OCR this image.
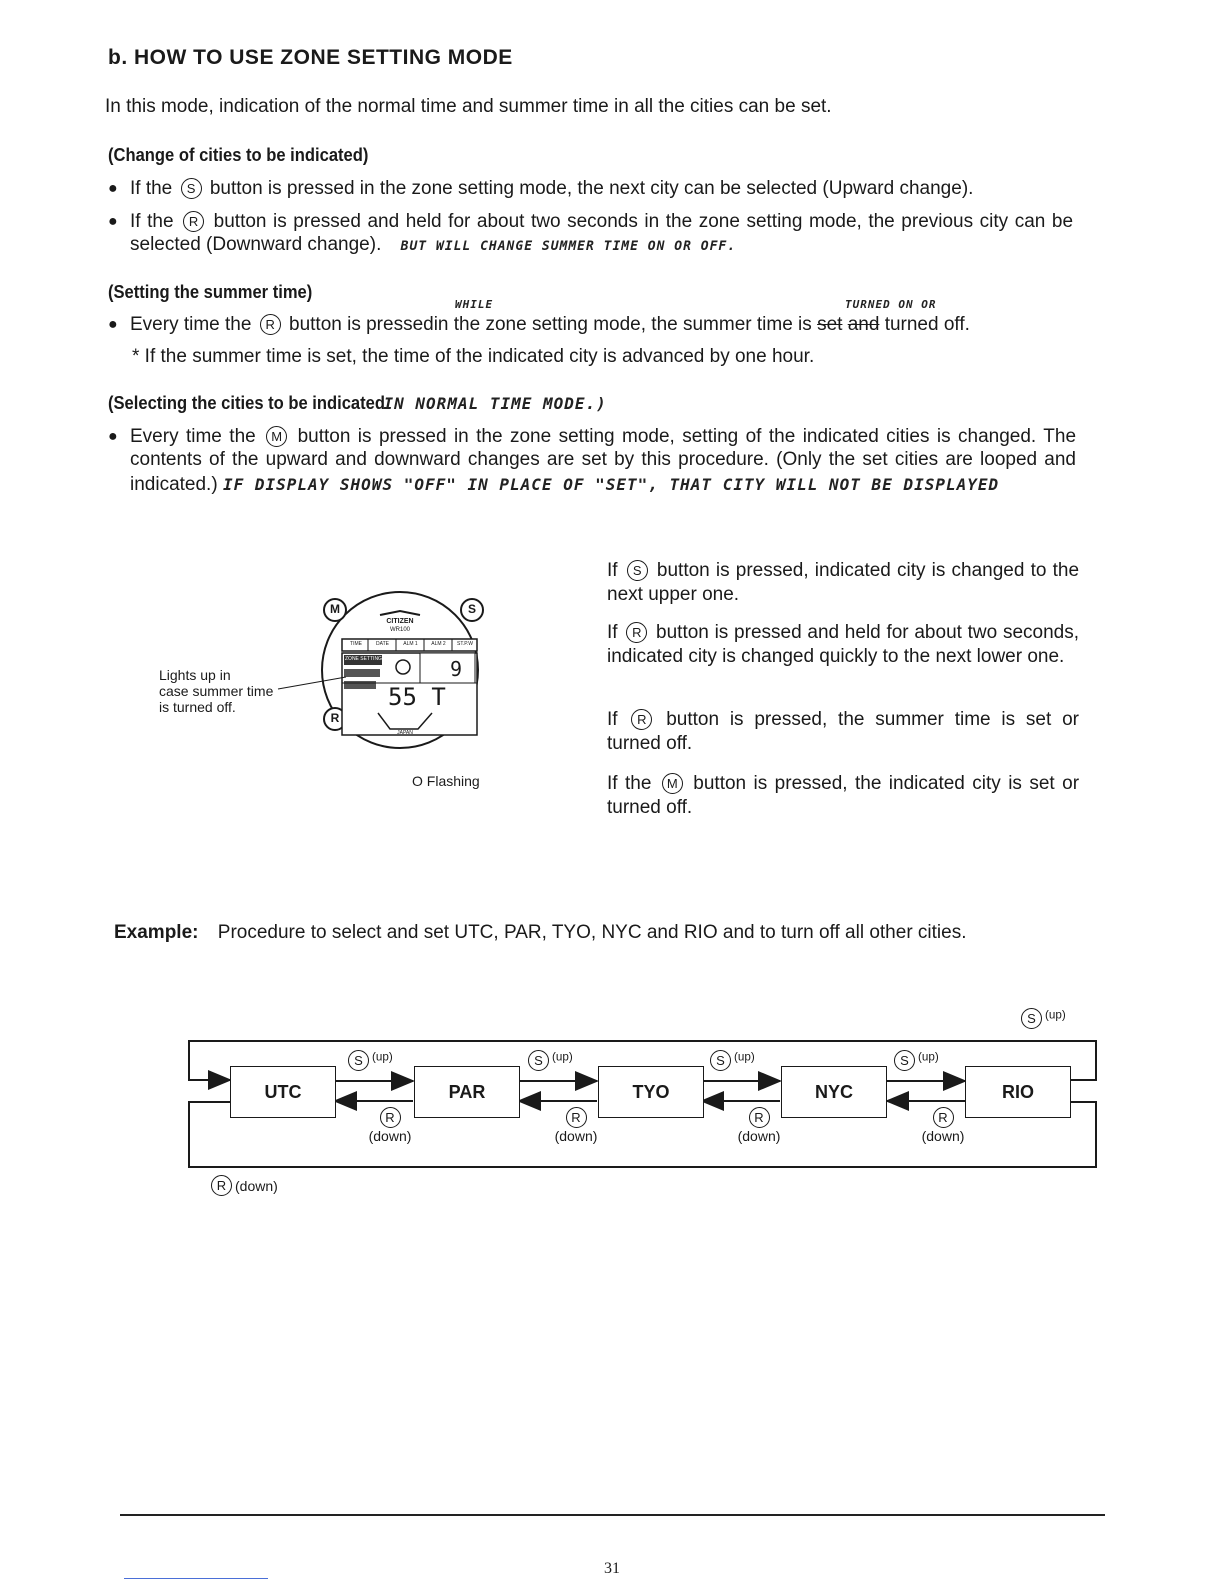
b. HOW TO USE ZONE SETTING MODE
In this mode, indication of the normal time and summer time in all the cities can be set.
(Change of cities to be indicated)
● If the S button is pressed in the zone setting mode, the next city can be selected (Upward change).
● If the R button is pressed and held for about two seconds in the zone setting mode, the previous city can be selected (Downward change). BUT WILL CHANGE SUMMER TIME ON OR OFF.
(Setting the summer time)
WHILE	TURNED ON OR
● Every time the R button is pressedin the zone setting mode, the summer time is set and turned off.
* If the summer time is set, the time of the indicated city is advanced by one hour.
(Selecting the cities to be indicated IN NORMAL TIME MODE.)
● Every time the M button is pressed in the zone setting mode, setting of the indicated cities is changed. The contents of the upward and downward changes are set by this procedure. (Only the set cities are looped and indicated.) IF DISPLAY SHOWS "OFF" IN PLACE OF "SET", THAT CITY WILL NOT BE DISPLAYED
M	S
R
CITIZEN
WR100
TIME	DATE	ALM 1	ALM 2	ST.P.W
ZONE SETTING	9
55 T
JAPAN
Lights up in
case summer time
is turned off.
O Flashing
If S button is pressed, indicated city is changed to the next upper one.
If R button is pressed and held for about two seconds, indicated city is changed quickly to the next lower one.
If R button is pressed, the summer time is set or turned off.
If the M button is pressed, the indicated city is set or turned off.
Example: Procedure to select and set UTC, PAR, TYO, NYC and RIO and to turn off all other cities.
UTC	PAR	TYO	NYC	RIO
S $^{(up)}$	S $^{(up)}$	S $^{(up)}$	S $^{(up)}$
S $^{(up)}$
R
(down)
R
(down)
R
(down)
R
(down)
R (down)
31
